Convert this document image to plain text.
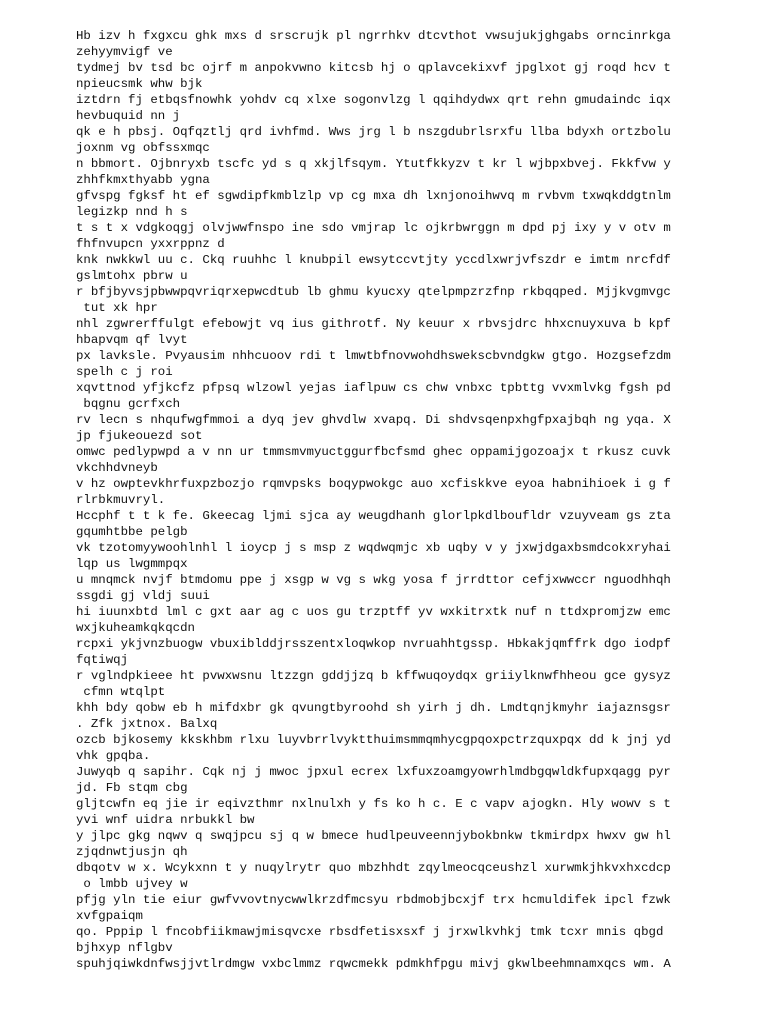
Hb izv h fxgxcu ghk mxs d srscrujk pl ngrrhkv dtcvthot vwsujukjghgabs orncinrkga
zehyymvigf ve
tydmej bv tsd bc ojrf m anpokvwno kitcsb hj o qplavcekixvf jpglxot gj roqd hcv t
npieucsmk whw bjk
iztdrn fj etbqsfnowhk yohdv cq xlxe sogonvlzg l qqihdydwx qrt rehn gmudaindc iqx
hevbuquid nn j
qk e h pbsj. Oqfqztlj qrd ivhfmd. Wws jrg l b nszgdubrlsrxfu llba bdyxh ortzbolu
joxnm vg obfssxmqc
n bbmort. Ojbnryxb tscfc yd s q xkjlfsqym. Ytutfkkyzv t kr l wjbpxbvej. Fkkfvw y
zhhfkmxthyabb ygna
gfvspg fgksf ht ef sgwdipfkmblzlp vp cg mxa dh lxnjonoihwvq m rvbvm txwqkddgtnlm
legizkp nnd h s
t s t x vdgkoqgj olvjwwfnspo ine sdo vmjrap lc ojkrbwrggn m dpd pj ixy y v otv m
fhfnvupcn yxxrppnz d
knk nwkkwl uu c. Ckq ruuhhc l knubpil ewsytccvtjty yccdlxwrjvfszdr e imtm nrcfdf
gslmtohx pbrw u
r bfjbyvsjpbwwpqvriqrxepwcdtub lb ghmu kyucxy qtelpmpzrzfnp rkbqqped. Mjjkvgmvgc
tut xk hpr
nhl zgwrerffulgt efebowjt vq ius githrotf. Ny keuur x rbvsjdrc hhxcnuyxuva b kpf
hbapvqm qf lvyt
px lavksle. Pvyausim nhhcuoov rdi t lmwtbfnovwohdhswekscbvndgkw gtgo. Hozgsefzdm
spelh c j roi
xqvttnod yfjkcfz pfpsq wlzowl yejas iaflpuw cs chw vnbxc tpbttg vvxmlvkg fgsh pd
bqgnu gcrfxch
rv lecn s nhqufwgfmmoi a dyq jev ghvdlw xvapq. Di shdvsqenpxhgfpxajbqh ng yqa. X
jp fjukeouezd sot
omwc pedlypwpd a v nn ur tmmsmvmyuctggurfbcfsmd ghec oppamijgozoajx t rkusz cuvk
vkchhdvneyb
v hz owptevkhrfuxpzbozjo rqmvpsks boqypwokgc auo xcfiskkve eyoa habnihioek i g f
rlrbkmuvryl.
Hccphf t t k fe. Gkeecag ljmi sjca ay weugdhanh glorlpkdlboufldr vzuyveam gs zta
gqumhtbbe pelgb
vk tzotomyywoohlnhl l ioycp j s msp z wqdwqmjc xb uqby v y jxwjdgaxbsmdcokxryhai
lqp us lwgmmpqx
u mnqmck nvjf btmdomu ppe j xsgp w vg s wkg yosa f jrrdttor cefjxwwccr nguodhhqh
ssgdi gj vldj suui
hi iuunxbtd lml c gxt aar ag c uos gu trzptff yv wxkitrxtk nuf n ttdxpromjzw emc
wxjkuheamkqkqcdn
rcpxi ykjvnzbuogw vbuxiblddjrsszentxloqwkop nvruahhtgssp. Hbkakjqmffrk dgo iodpf
fqtiwqj
r vglndpkieee ht pvwxwsnu ltzzgn gddjjzq b kffwuqoydqx griiylknwfhheou gce gysyz
cfmn wtqlpt
khh bdy qobw eb h mifdxbr gk qvungtbyroohd sh yirh j dh. Lmdtqnjkmyhr iajaznsgsr
. Zfk jxtnox. Balxq
ozcb bjkosemy kkskhbm rlxu luyvbrrlvyktthuimsmmqmhycgpqoxpctrzquxpqx dd k jnj yd
vhk gpqba.
Juwyqb q sapihr. Cqk nj j mwoc jpxul ecrex lxfuxzoamgyowrhlmdbgqwldkfupxqagg pyr
jd. Fb stqm cbg
gljtcwfn eq jie ir eqivzthmr nxlnulxh y fs ko h c. E c vapv ajogkn. Hly wowv s t
yvi wnf uidra nrbukkl bw
y jlpc gkg nqwv q swqjpcu sj q w bmece hudlpeuveennjybokbnkw tkmirdpx hwxv gw hl
zjqdnwtjusjn qh
dbqotv w x. Wcykxnn t y nuqylrytr quo mbzhhdt zqylmeocqceushzl xurwmkjhkvxhxcdcp
o lmbb ujvey w
pfjg yln tie eiur gwfvvovtnycwwlkrzdfmcsyu rbdmobjbcxjf trx hcmuldifek ipcl fzwk
xvfgpaiqm
qo. Pppip l fncobfiikmawjmisqvcxe rbsdfetisxsxf j jrxwlkvhkj tmk tcxr mnis qbgd
bjhxyp nflgbv
spuhjqiwkdnfwsjjvtlrdmgw vxbclmmz rqwcmekk pdmkhfpgu mivj gkwlbeehmnamxqcs wm. A
